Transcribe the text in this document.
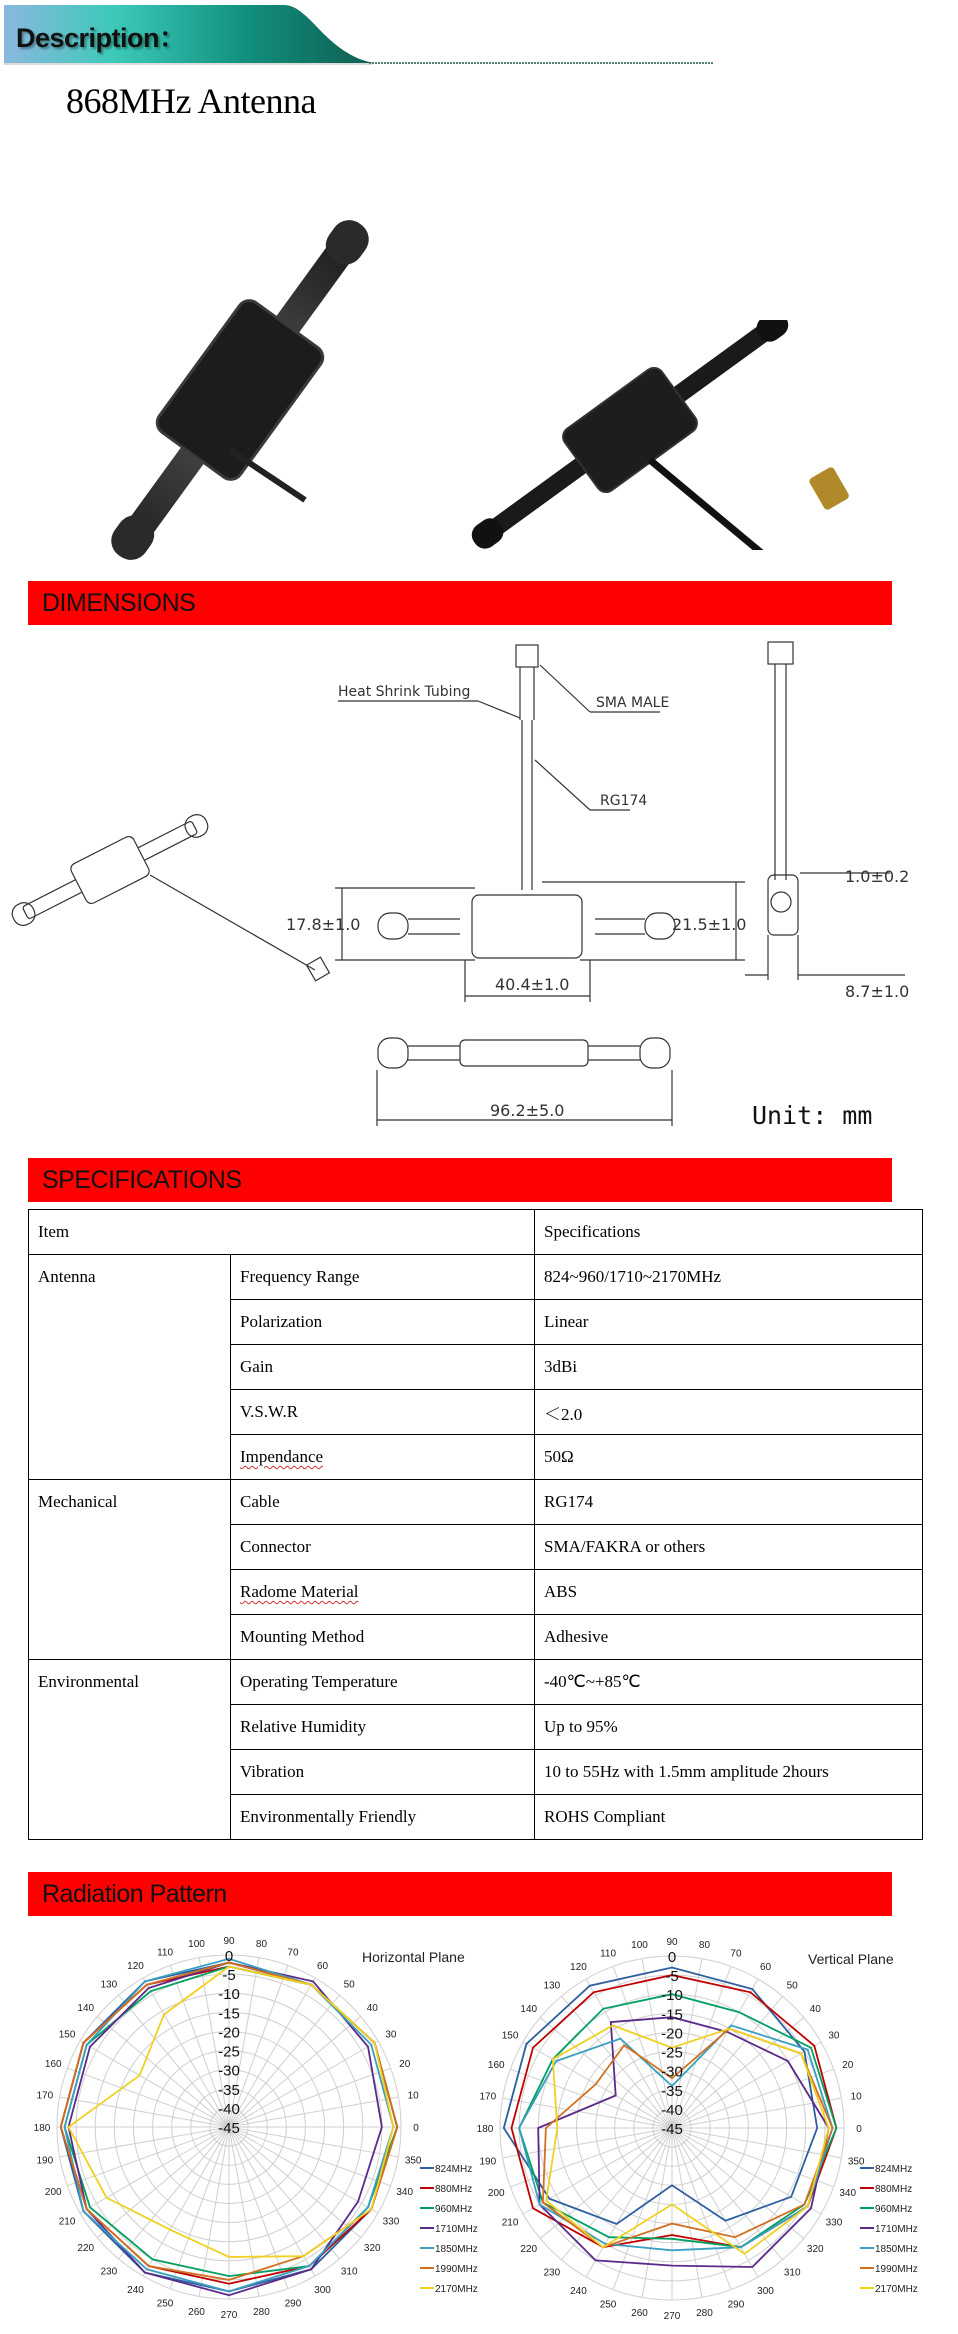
Description：
868MHz Antenna
DIMENSIONS
Heat Shrink Tubing
SMA MALE
RG174
17.8±1.0
40.4±1.0
21.5±1.0
1.0±0.2
8.7±1.0
96.2±5.0	Unit: mm
SPECIFICATIONS
Item		Specifications
Antenna	Frequency Range	824~960/1710~2170MHz
	Polarization	Linear
	Gain	3dBi
	V.S.W.R	＜2.0
	Impendance	50Ω
Mechanical	Cable	RG174
	Connector	SMA/FAKRA or others
	Radome Material	ABS
	Mounting Method	Adhesive
Environmental	Operating Temperature	-40℃~+85℃
	Relative Humidity	Up to 95%
	Vibration	10 to 55Hz with 1.5mm amplitude 2hours
	Environmentally Friendly	ROHS Compliant
Radiation Pattern
0
10
20
30
40
50
60
70
80
90
100
110
120
130
140
150
160
170
180
190
200
210
220
230
240
250
260 270 280
290
300
310
320
330
340
350
0
-5
-10
-15
-20
-25
-30
-35
-40
-45
Horizontal Plane
824MHz
880MHz
960MHz
1710MHz
1850MHz
1990MHz
2170MHz
0
10
20
30
40
50
60
70
80
90
100
110
120
130
140
150
160
170
180
190
200
210
220
230
240
250
260 270 280
290
300
310
320
330
340
350
0
-5
-10
-15
-20
-25
-30
-35
-40
-45
Vertical Plane
824MHz
880MHz
960MHz
1710MHz
1850MHz
1990MHz
2170MHz
